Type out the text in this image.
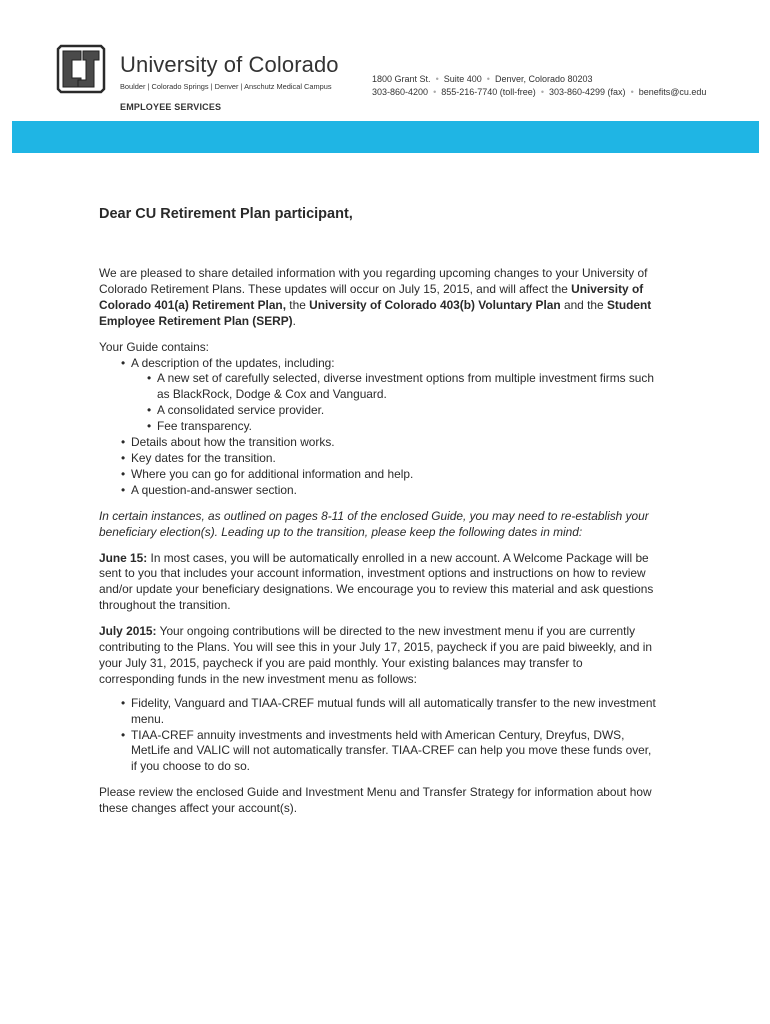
University of Colorado
Boulder | Colorado Springs | Denver | Anschutz Medical Campus
EMPLOYEE SERVICES
1800 Grant St.  •  Suite 400  •  Denver, Colorado 80203
303-860-4200  •  855-216-7740 (toll-free)  •  303-860-4299 (fax)  •  benefits@cu.edu
Dear CU Retirement Plan participant,

We are pleased to share detailed information with you regarding upcoming changes to your University of Colorado Retirement Plans. These updates will occur on July 15, 2015, and will affect the University of Colorado 401(a) Retirement Plan, the University of Colorado 403(b) Voluntary Plan and the Student Employee Retirement Plan (SERP).

Your Guide contains:
• A description of the updates, including:
• A new set of carefully selected, diverse investment options from multiple investment firms such as BlackRock, Dodge & Cox and Vanguard.
• A consolidated service provider.
• Fee transparency.
• Details about how the transition works.
• Key dates for the transition.
• Where you can go for additional information and help.
• A question-and-answer section.

In certain instances, as outlined on pages 8-11 of the enclosed Guide, you may need to re-establish your beneficiary election(s). Leading up to the transition, please keep the following dates in mind:

June 15: In most cases, you will be automatically enrolled in a new account. A Welcome Package will be sent to you that includes your account information, investment options and instructions on how to review and/or update your beneficiary designations. We encourage you to review this material and ask questions throughout the transition.

July 2015: Your ongoing contributions will be directed to the new investment menu if you are currently contributing to the Plans. You will see this in your July 17, 2015, paycheck if you are paid biweekly, and in your July 31, 2015, paycheck if you are paid monthly. Your existing balances may transfer to corresponding funds in the new investment menu as follows:

• Fidelity, Vanguard and TIAA-CREF mutual funds will all automatically transfer to the new investment menu.
• TIAA-CREF annuity investments and investments held with American Century, Dreyfus, DWS, MetLife and VALIC will not automatically transfer. TIAA-CREF can help you move these funds over, if you choose to do so.

Please review the enclosed Guide and Investment Menu and Transfer Strategy for information about how these changes affect your account(s).
